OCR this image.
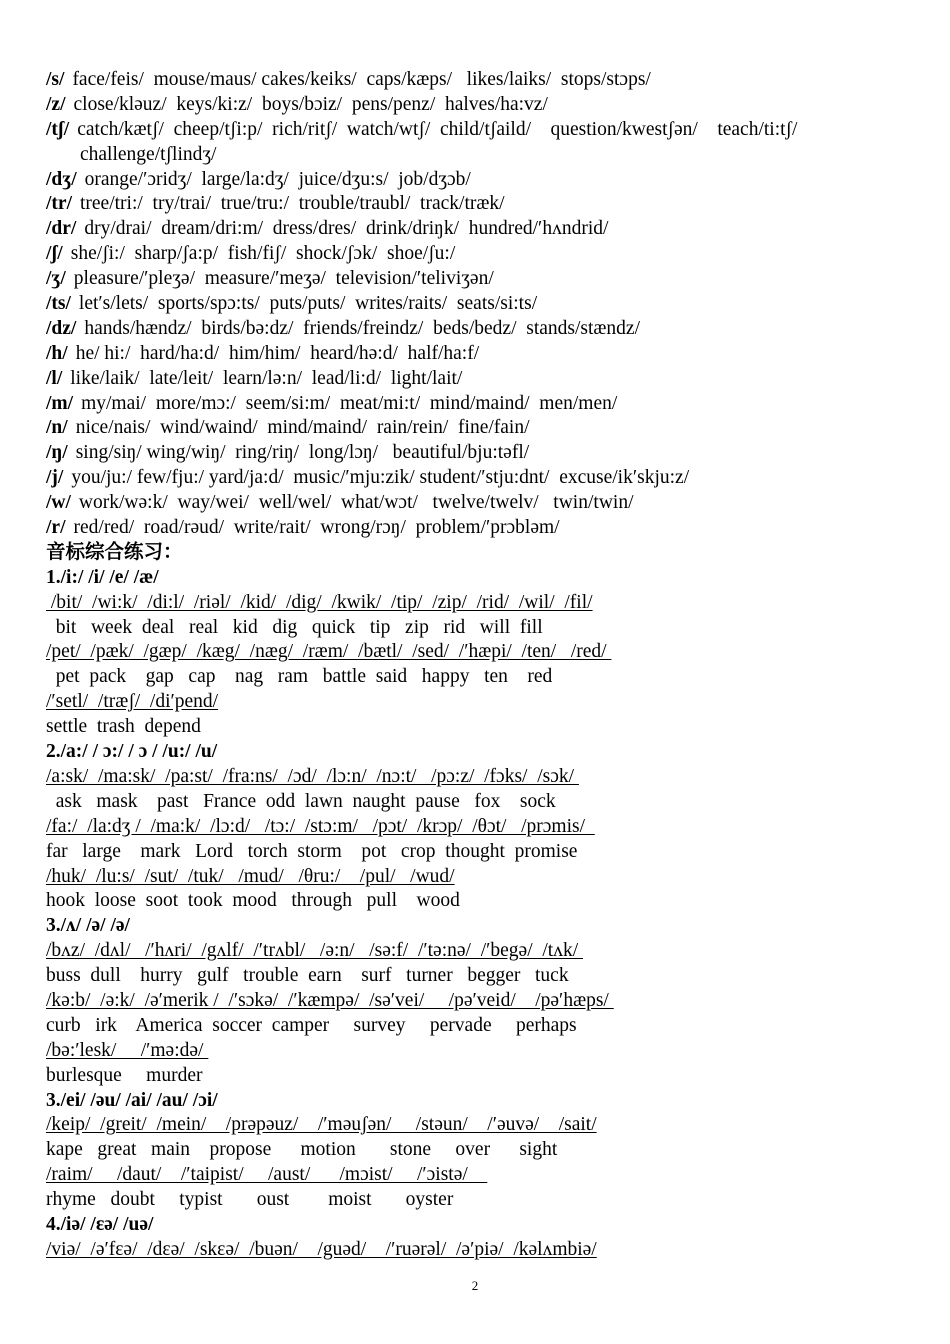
/s/ face/feis/  mouse/maus/ cakes/keiks/  caps/kæps/   likes/laiks/  stops/stɔps/
/z/ close/kləuz/  keys/ki:z/  boys/bɔiz/  pens/penz/  halves/ha:vz/
/tʃ/ catch/kætʃ/  cheep/tʃi:p/  rich/ritʃ/  watch/wtʃ/  child/tʃaild/    question/kwestʃən/    teach/ti:tʃ/
challenge/tʃlindʒ/
/dʒ/ orange/′ɔridʒ/  large/la:dʒ/  juice/dʒu:s/  job/dʒɔb/
/tr/ tree/tri:/  try/trai/  true/tru:/  trouble/traubl/  track/træk/
/dr/ dry/drai/  dream/dri:m/  dress/dres/  drink/driŋk/  hundred/′hʌndrid/
/ʃ/ she/ʃi:/  sharp/ʃa:p/  fish/fiʃ/  shock/ʃɔk/  shoe/ʃu:/
/ʒ/ pleasure/′pleʒə/  measure/′meʒə/  television/′teliviʒən/
/ts/ let′s/lets/  sports/spɔ:ts/  puts/puts/  writes/raits/  seats/si:ts/
/dz/ hands/hændz/  birds/bə:dz/  friends/freindz/  beds/bedz/  stands/stændz/
/h/ he/ hi:/  hard/ha:d/  him/him/  heard/hə:d/  half/ha:f/
/l/ like/laik/  late/leit/  learn/lə:n/  lead/li:d/  light/lait/
/m/ my/mai/  more/mɔ:/  seem/si:m/  meat/mi:t/  mind/maind/  men/men/
/n/ nice/nais/  wind/waind/  mind/maind/  rain/rein/  fine/fain/
/ŋ/ sing/siŋ/ wing/wiŋ/  ring/riŋ/  long/lɔŋ/   beautiful/bju:təfl/
/j/ you/ju:/ few/fju:/ yard/ja:d/  music/′mju:zik/ student/′stju:dnt/  excuse/ik′skju:z/
/w/ work/wə:k/  way/wei/  well/wel/  what/wɔt/   twelve/twelv/   twin/twin/
/r/ red/red/  road/rəud/  write/rait/  wrong/rɔŋ/  problem/′prɔbləm/
音标综合练习：
1./i:/ /i/ /e/ /æ/
/bit/  /wi:k/  /di:l/  /riəl/  /kid/  /dig/  /kwik/  /tip/  /zip/  /rid/  /wil/  /fil/
bit   week  deal   real   kid   dig   quick   tip   zip   rid   will  fill
/pet/  /pæk/  /gæp/  /kæg/  /næg/  /ræm/  /bætl/  /sed/  /′hæpi/  /ten/   /red/
pet  pack    gap   cap    nag   ram   battle  said   happy   ten    red
/′setl/  /træʃ/  /di′pend/
settle  trash  depend
2./a:/ / ɔ:/ / ɔ / /u:/ /u/
/a:sk/  /ma:sk/  /pa:st/  /fra:ns/  /ɔd/  /lɔ:n/  /nɔ:t/   /pɔ:z/  /fɔks/  /sɔk/
ask   mask    past   France  odd  lawn  naught  pause   fox    sock
/fa:/  /la:dʒ /  /ma:k/  /lɔ:d/   /tɔ:/  /stɔ:m/   /pɔt/  /krɔp/  /θɔt/   /prɔmis/
far   large    mark   Lord   torch  storm    pot   crop  thought  promise
/huk/  /lu:s/  /sut/  /tuk/   /mud/   /θru:/    /pul/   /wud/
hook  loose  soot  took  mood   through   pull    wood
3./ʌ/ /ə/ /ə/
/bʌz/  /dʌl/   /′hʌri/  /gʌlf/  /′trʌbl/   /ə:n/   /sə:f/  /′tə:nə/  /′begə/  /tʌk/
buss  dull    hurry   gulf   trouble  earn    surf   turner   begger   tuck
/kə:b/  /ə:k/  /ə′merik /  /′sɔkə/  /′kæmpə/  /sə′vei/     /pə′veid/    /pə′hæps/
curb   irk    America  soccer  camper     survey     pervade     perhaps
/bə:′lesk/     /′mə:də/
burlesque     murder
3./ei/ /əu/ /ai/ /au/ /ɔi/
/keip/  /greit/  /mein/    /prəpəuz/    /′məuʃən/     /stəun/    /′əuvə/    /sait/
kape   great   main    propose      motion       stone     over      sight
/raim/     /daut/    /′taipist/     /aust/      /mɔist/     /′ɔistə/
rhyme   doubt     typist       oust        moist       oyster
4./iə/ /ɛə/ /uə/
/viə/  /ə′fɛə/  /dɛə/  /skɛə/  /buən/    /guəd/    /′ruərəl/  /ə′piə/  /kəlʌmbiə/
2
